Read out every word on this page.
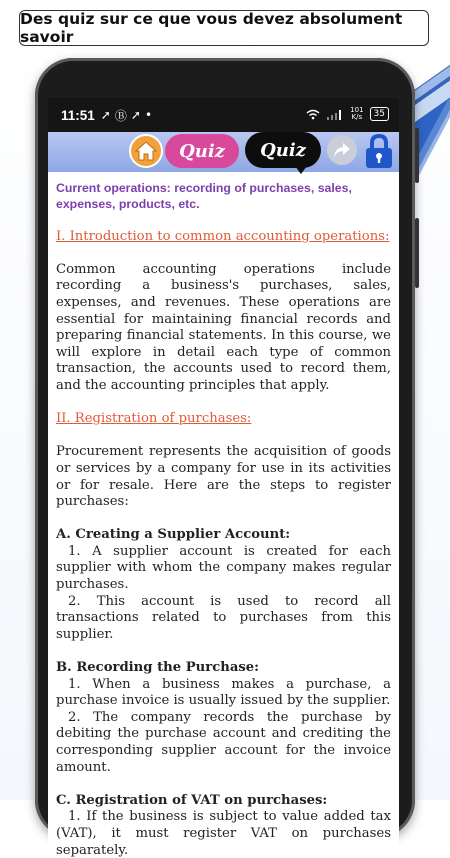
Des quiz sur ce que vous devez absolument savoir
11:51 ➚ Ⓑ ➚ •	101
K/s	35
Quiz Quiz

Current operations: recording of purchases, sales, expenses, products, etc.

I. Introduction to common accounting operations:

Common accounting operations include recording a business's purchases, sales, expenses, and revenues. These operations are essential for maintaining financial records and preparing financial statements. In this course, we will explore in detail each type of common transaction, the accounts used to record them, and the accounting principles that apply.

II. Registration of purchases:

Procurement represents the acquisition of goods or services by a company for use in its activities or for resale. Here are the steps to register purchases:

A. Creating a Supplier Account:

1. A supplier account is created for each supplier with whom the company makes regular purchases.

2. This account is used to record all transactions related to purchases from this supplier.

B. Recording the Purchase:

1. When a business makes a purchase, a purchase invoice is usually issued by the supplier.

2. The company records the purchase by debiting the purchase account and crediting the corresponding supplier account for the invoice amount.

C. Registration of VAT on purchases:

1. If the business is subject to value added tax (VAT), it must register VAT on purchases separately.
